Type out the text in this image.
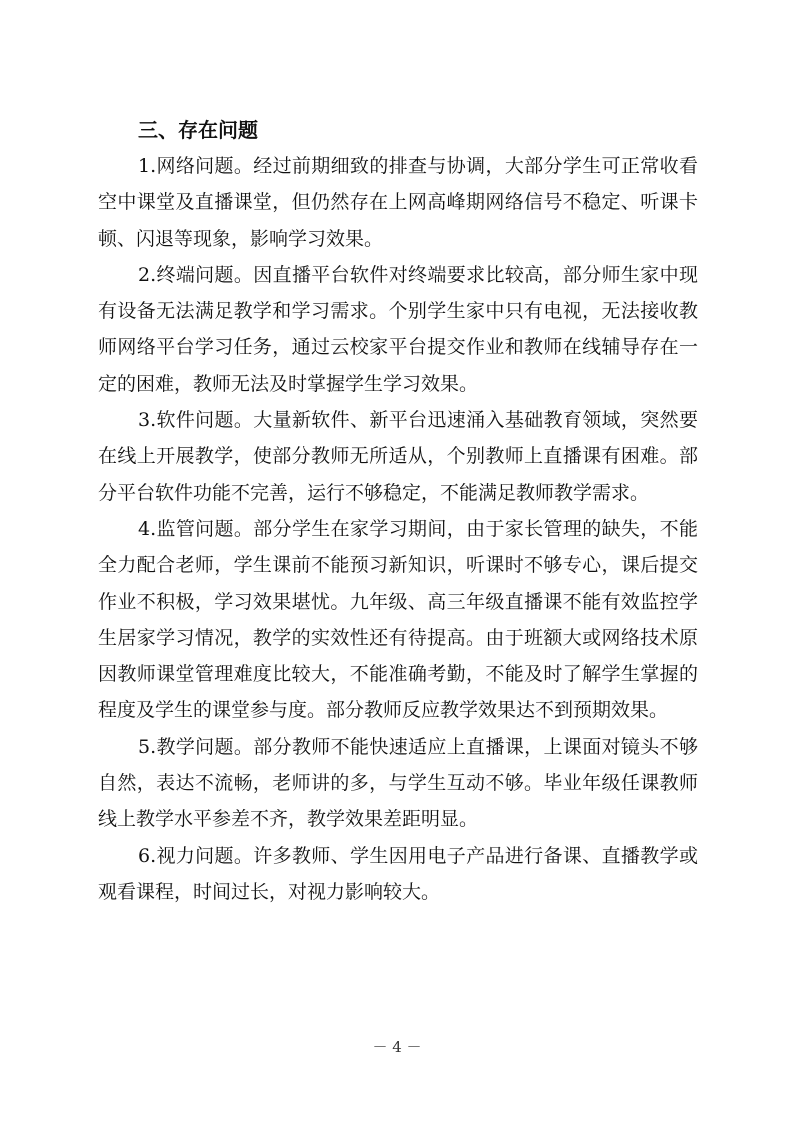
三、存在问题

1.网络问题。经过前期细致的排查与协调，大部分学生可正常收看空中课堂及直播课堂，但仍然存在上网高峰期网络信号不稳定、听课卡顿、闪退等现象，影响学习效果。

2.终端问题。因直播平台软件对终端要求比较高，部分师生家中现有设备无法满足教学和学习需求。个别学生家中只有电视，无法接收教师网络平台学习任务，通过云校家平台提交作业和教师在线辅导存在一定的困难，教师无法及时掌握学生学习效果。

3.软件问题。大量新软件、新平台迅速涌入基础教育领域，突然要在线上开展教学，使部分教师无所适从，个别教师上直播课有困难。部分平台软件功能不完善，运行不够稳定，不能满足教师教学需求。

4.监管问题。部分学生在家学习期间，由于家长管理的缺失，不能全力配合老师，学生课前不能预习新知识，听课时不够专心，课后提交作业不积极，学习效果堪忧。九年级、高三年级直播课不能有效监控学生居家学习情况，教学的实效性还有待提高。由于班额大或网络技术原因教师课堂管理难度比较大，不能准确考勤，不能及时了解学生掌握的程度及学生的课堂参与度。部分教师反应教学效果达不到预期效果。

5.教学问题。部分教师不能快速适应上直播课，上课面对镜头不够自然，表达不流畅，老师讲的多，与学生互动不够。毕业年级任课教师线上教学水平参差不齐，教学效果差距明显。

6.视力问题。许多教师、学生因用电子产品进行备课、直播教学或观看课程，时间过长，对视力影响较大。

－ 4 －
